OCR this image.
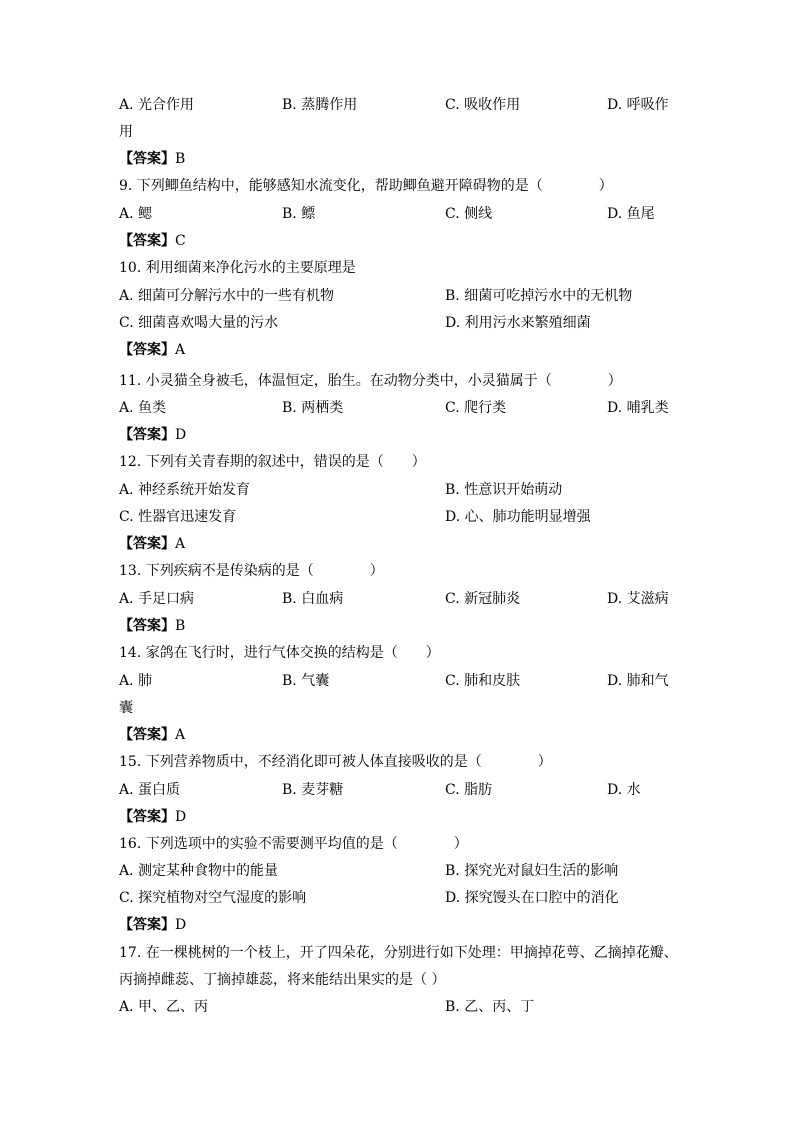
A. 光合作用	B. 蒸腾作用	C. 吸收作用	D. 呼吸作
用
【答案】B
9. 下列鲫鱼结构中，能够感知水流变化，帮助鲫鱼避开障碍物的是（　　　　）
A. 鳃	B. 鳔	C. 侧线	D. 鱼尾
【答案】C
10. 利用细菌来净化污水的主要原理是
A. 细菌可分解污水中的一些有机物	B. 细菌可吃掉污水中的无机物
C. 细菌喜欢喝大量的污水	D. 利用污水来繁殖细菌
【答案】A
11. 小灵猫全身被毛，体温恒定，胎生。在动物分类中，小灵猫属于（　　　　）
A. 鱼类	B. 两栖类	C. 爬行类	D. 哺乳类
【答案】D
12. 下列有关青春期的叙述中，错误的是（　　）
A. 神经系统开始发育	B. 性意识开始萌动
C. 性器官迅速发育	D. 心、肺功能明显增强
【答案】A
13. 下列疾病不是传染病的是（　　　　）
A. 手足口病	B. 白血病	C. 新冠肺炎	D. 艾滋病
【答案】B
14. 家鸽在飞行时，进行气体交换的结构是（　　）
A. 肺	B. 气囊	C. 肺和皮肤	D. 肺和气
囊
【答案】A
15. 下列营养物质中，不经消化即可被人体直接吸收的是（　　　　）
A. 蛋白质	B. 麦芽糖	C. 脂肪	D. 水
【答案】D
16. 下列选项中的实验不需要测平均值的是（　　　　）
A. 测定某种食物中的能量	B. 探究光对鼠妇生活的影响
C. 探究植物对空气湿度的影响	D. 探究馒头在口腔中的消化
【答案】D
17. 在一棵桃树的一个枝上，开了四朵花，分别进行如下处理：甲摘掉花萼、乙摘掉花瓣、
丙摘掉雌蕊、丁摘掉雄蕊，将来能结出果实的是（ ）
A. 甲、乙、丙	B. 乙、丙、丁
